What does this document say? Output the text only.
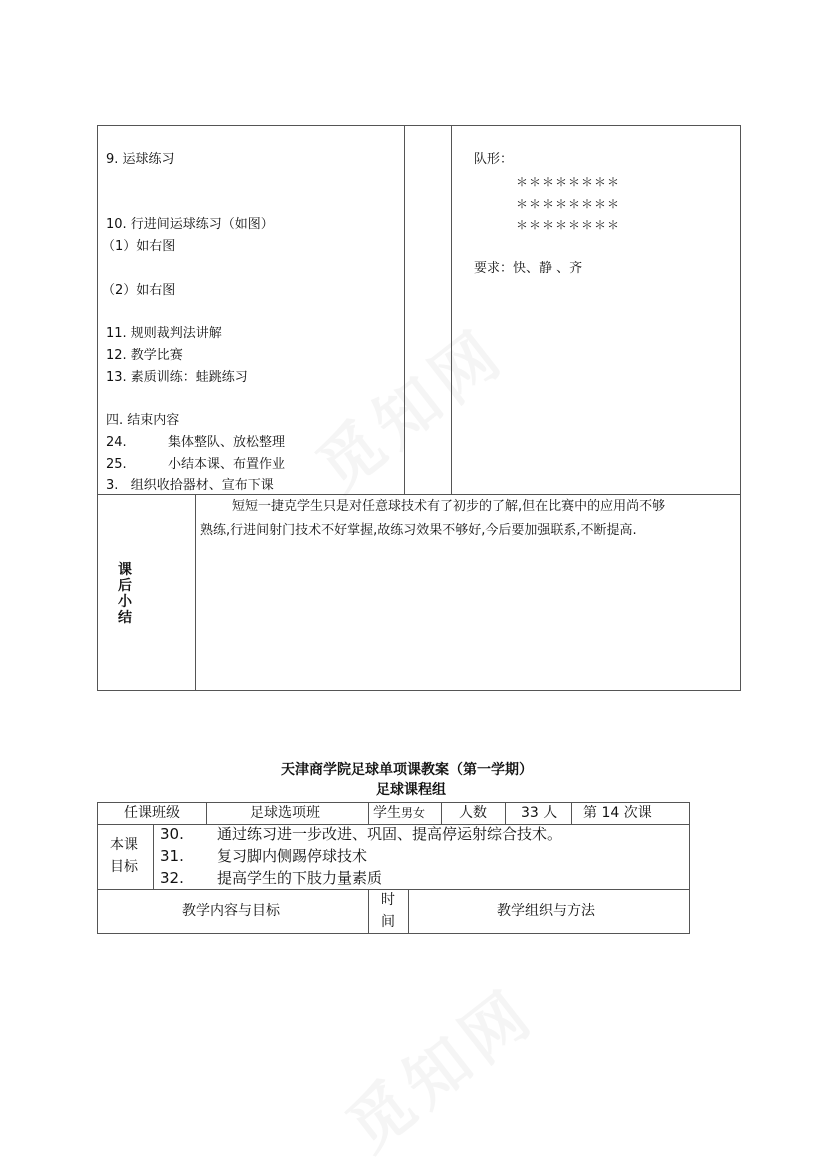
9. 运球练习
10. 行进间运球练习（如图）
（1）如右图
（2）如右图
11. 规则裁判法讲解
12. 教学比赛
13. 素质训练：蛙跳练习
四. 结束内容
24.          集体整队、放松整理
25.          小结本课、布置作业
3.   组织收拾器材、宣布下课
队形：
＊＊＊＊＊＊＊＊
＊＊＊＊＊＊＊＊
＊＊＊＊＊＊＊＊
要求：快、静 、齐
课
后
小
结
短短一捷克学生只是对任意球技术有了初步的了解,但在比赛中的应用尚不够
熟练,行进间射门技术不好掌握,故练习效果不够好,今后要加强联系,不断提高.
天津商学院足球单项课教案（第一学期）
足球课程组
任课班级	足球选项班	学生男女 人数 33 人 第 14 次课
本课
目标
30. 通过练习进一步改进、巩固、提高停运射综合技术。
31. 复习脚内侧踢停球技术
32. 提高学生的下肢力量素质
教学内容与目标
时
间
教学组织与方法
